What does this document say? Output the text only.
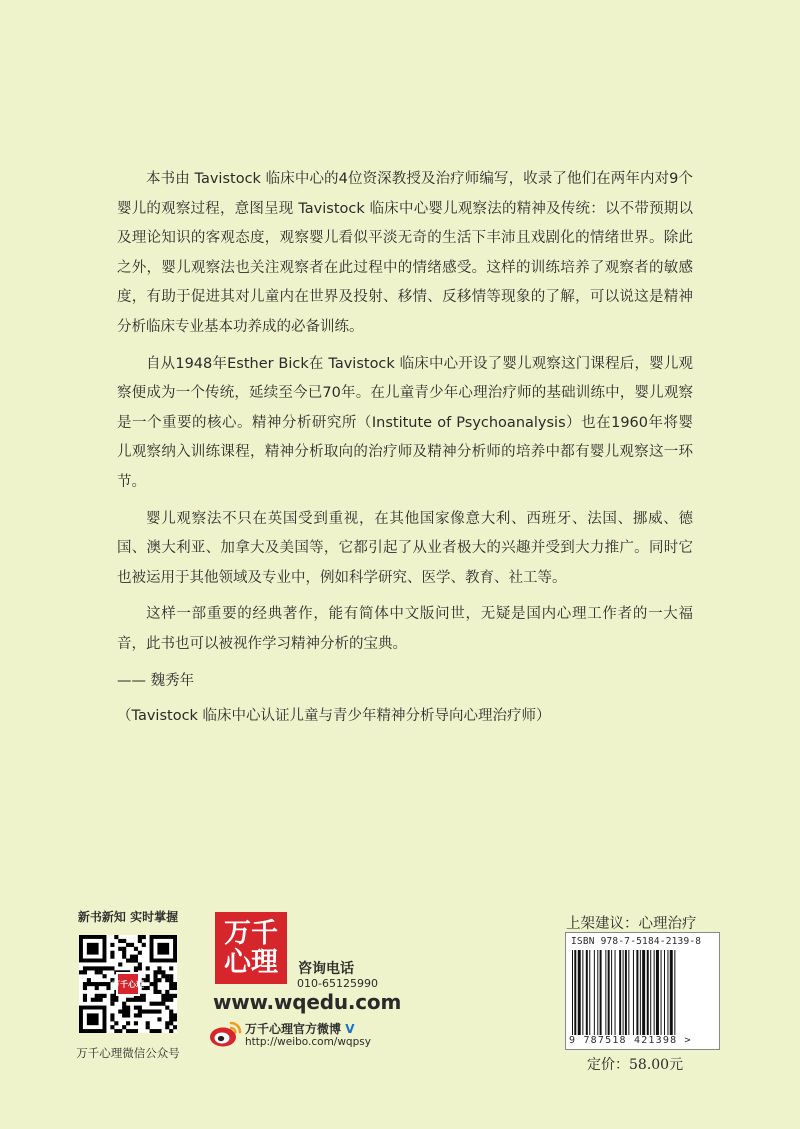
本书由 Tavistock 临床中心的4位资深教授及治疗师编写，收录了他们在两年内对9个婴儿的观察过程，意图呈现 Tavistock 临床中心婴儿观察法的精神及传统：以不带预期以及理论知识的客观态度，观察婴儿看似平淡无奇的生活下丰沛且戏剧化的情绪世界。除此之外，婴儿观察法也关注观察者在此过程中的情绪感受。这样的训练培养了观察者的敏感度，有助于促进其对儿童内在世界及投射、移情、反移情等现象的了解，可以说这是精神分析临床专业基本功养成的必备训练。

自从1948年Esther Bick在 Tavistock 临床中心开设了婴儿观察这门课程后，婴儿观察便成为一个传统，延续至今已70年。在儿童青少年心理治疗师的基础训练中，婴儿观察是一个重要的核心。精神分析研究所（Institute of Psychoanalysis）也在1960年将婴儿观察纳入训练课程，精神分析取向的治疗师及精神分析师的培养中都有婴儿观察这一环节。

婴儿观察法不只在英国受到重视，在其他国家像意大利、西班牙、法国、挪威、德国、澳大利亚、加拿大及美国等，它都引起了从业者极大的兴趣并受到大力推广。同时它也被运用于其他领域及专业中，例如科学研究、医学、教育、社工等。

这样一部重要的经典著作，能有简体中文版问世，无疑是国内心理工作者的一大福音，此书也可以被视作学习精神分析的宝典。

—— 魏秀年

（Tavistock 临床中心认证儿童与青少年精神分析导向心理治疗师）

新书新知 实时掌握
万千心理
万千心理微信公众号
万千
心理	咨询电话
010-65125990
www.wqedu.com
万千心理官方微博 V
http://weibo.com/wqpsy
上架建议：心理治疗
ISBN 978-7-5184-2139-8
9 787518 421398 >
定价：58.00元
